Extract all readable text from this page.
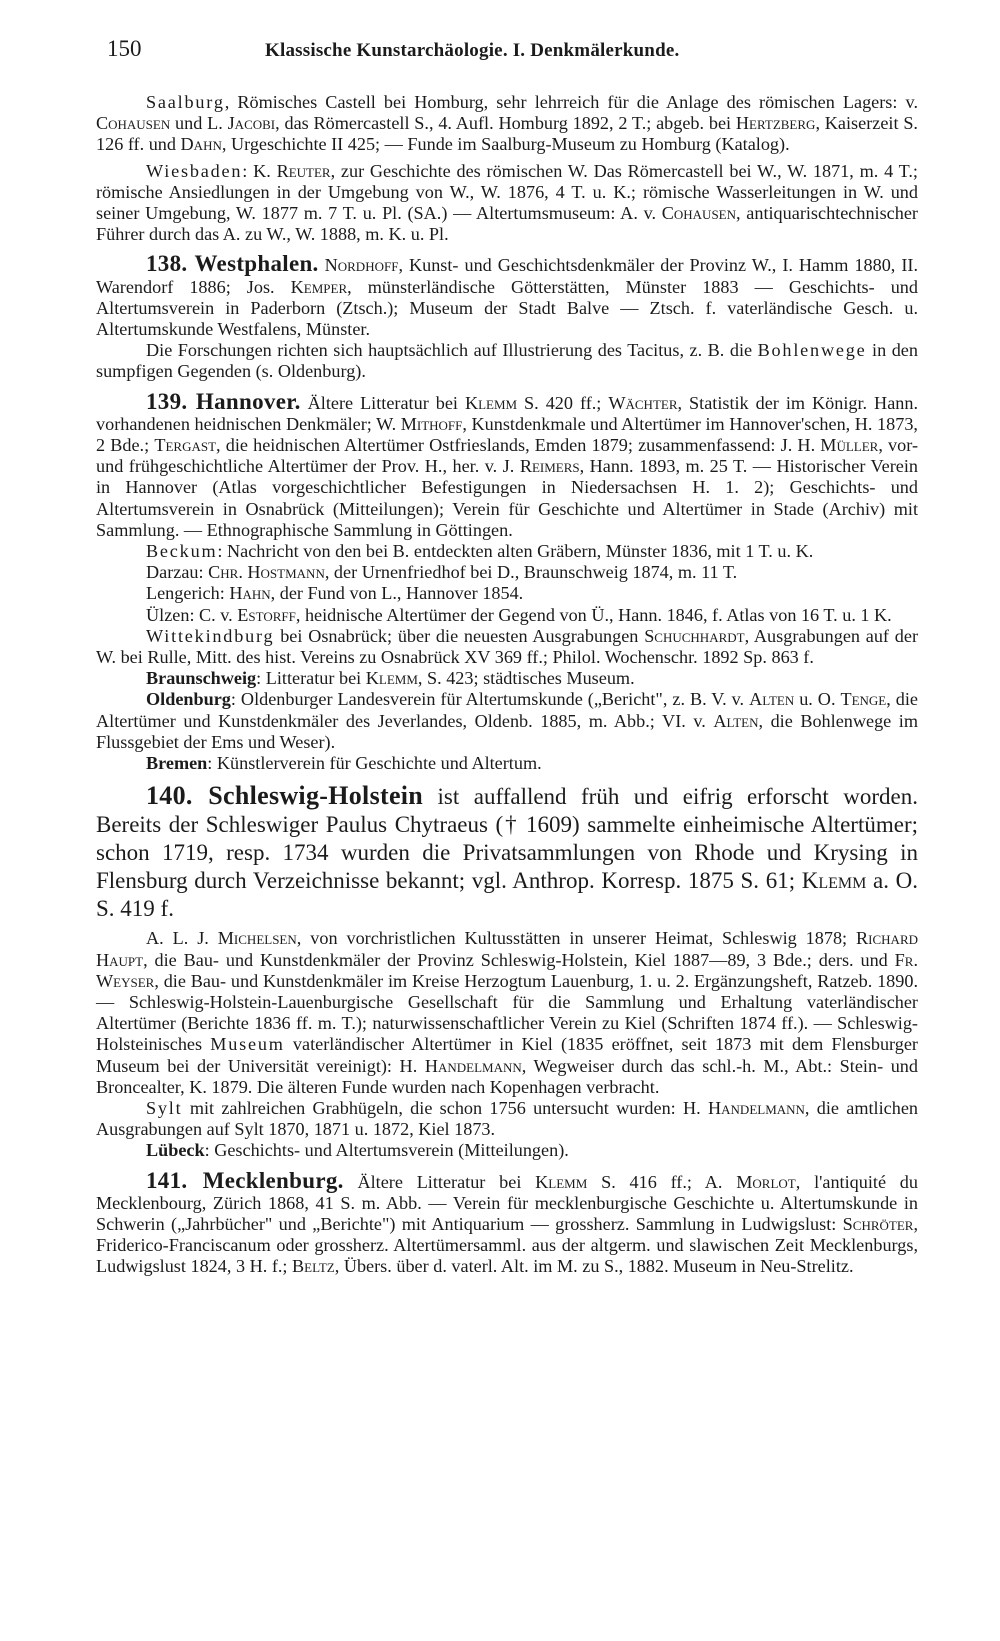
150	Klassische Kunstarchäologie. I. Denkmälerkunde.

Saalburg, Römisches Castell bei Homburg, sehr lehrreich für die Anlage des römischen Lagers: v. Cohausen und L. Jacobi, das Römercastell S., 4. Aufl. Homburg 1892, 2 T.; abgeb. bei Hertzberg, Kaiserzeit S. 126 ff. und Dahn, Urgeschichte II 425; — Funde im Saalburg-Museum zu Homburg (Katalog).

Wiesbaden: K. Reuter, zur Geschichte des römischen W. Das Römercastell bei W., W. 1871, m. 4 T.; römische Ansiedlungen in der Umgebung von W., W. 1876, 4 T. u. K.; römische Wasserleitungen in W. und seiner Umgebung, W. 1877 m. 7 T. u. Pl. (SA.) — Altertumsmuseum: A. v. Cohausen, antiquarischtechnischer Führer durch das A. zu W., W. 1888, m. K. u. Pl.

138. Westphalen. Nordhoff, Kunst- und Geschichtsdenkmäler der Provinz W., I. Hamm 1880, II. Warendorf 1886; Jos. Kemper, münsterländische Götterstätten, Münster 1883 — Geschichts- und Altertumsverein in Paderborn (Ztsch.); Museum der Stadt Balve — Ztsch. f. vaterländische Gesch. u. Altertumskunde Westfalens, Münster.

Die Forschungen richten sich hauptsächlich auf Illustrierung des Tacitus, z. B. die Bohlenwege in den sumpfigen Gegenden (s. Oldenburg).

139. Hannover. Ältere Litteratur bei Klemm S. 420 ff.; Wächter, Statistik der im Königr. Hann. vorhandenen heidnischen Denkmäler; W. Mithoff, Kunstdenkmale und Altertümer im Hannover'schen, H. 1873, 2 Bde.; Tergast, die heidnischen Altertümer Ostfrieslands, Emden 1879; zusammenfassend: J. H. Müller, vor- und frühgeschichtliche Altertümer der Prov. H., her. v. J. Reimers, Hann. 1893, m. 25 T. — Historischer Verein in Hannover (Atlas vorgeschichtlicher Befestigungen in Niedersachsen H. 1. 2); Geschichts- und Altertumsverein in Osnabrück (Mitteilungen); Verein für Geschichte und Altertümer in Stade (Archiv) mit Sammlung. — Ethnographische Sammlung in Göttingen.

Beckum: Nachricht von den bei B. entdeckten alten Gräbern, Münster 1836, mit 1 T. u. K.

Darzau: Chr. Hostmann, der Urnenfriedhof bei D., Braunschweig 1874, m. 11 T.

Lengerich: Hahn, der Fund von L., Hannover 1854.

Ülzen: C. v. Estorff, heidnische Altertümer der Gegend von Ü., Hann. 1846, f. Atlas von 16 T. u. 1 K.

Wittekindburg bei Osnabrück; über die neuesten Ausgrabungen Schuchhardt, Ausgrabungen auf der W. bei Rulle, Mitt. des hist. Vereins zu Osnabrück XV 369 ff.; Philol. Wochenschr. 1892 Sp. 863 f.

Braunschweig: Litteratur bei Klemm, S. 423; städtisches Museum.

Oldenburg: Oldenburger Landesverein für Altertumskunde („Bericht", z. B. V. v. Alten u. O. Tenge, die Altertümer und Kunstdenkmäler des Jeverlandes, Oldenb. 1885, m. Abb.; VI. v. Alten, die Bohlenwege im Flussgebiet der Ems und Weser).

Bremen: Künstlerverein für Geschichte und Altertum.

140. Schleswig-Holstein ist auffallend früh und eifrig erforscht worden. Bereits der Schleswiger Paulus Chytraeus († 1609) sammelte einheimische Altertümer; schon 1719, resp. 1734 wurden die Privatsammlungen von Rhode und Krysing in Flensburg durch Verzeichnisse bekannt; vgl. Anthrop. Korresp. 1875 S. 61; Klemm a. O. S. 419 f.

A. L. J. Michelsen, von vorchristlichen Kultusstätten in unserer Heimat, Schleswig 1878; Richard Haupt, die Bau- und Kunstdenkmäler der Provinz Schleswig-Holstein, Kiel 1887—89, 3 Bde.; ders. und Fr. Weyser, die Bau- und Kunstdenkmäler im Kreise Herzogtum Lauenburg, 1. u. 2. Ergänzungsheft, Ratzeb. 1890. — Schleswig-Holstein-Lauenburgische Gesellschaft für die Sammlung und Erhaltung vaterländischer Altertümer (Berichte 1836 ff. m. T.); naturwissenschaftlicher Verein zu Kiel (Schriften 1874 ff.). — Schleswig-Holsteinisches Museum vaterländischer Altertümer in Kiel (1835 eröffnet, seit 1873 mit dem Flensburger Museum bei der Universität vereinigt): H. Handelmann, Wegweiser durch das schl.-h. M., Abt.: Stein- und Broncealter, K. 1879. Die älteren Funde wurden nach Kopenhagen verbracht.

Sylt mit zahlreichen Grabhügeln, die schon 1756 untersucht wurden: H. Handelmann, die amtlichen Ausgrabungen auf Sylt 1870, 1871 u. 1872, Kiel 1873.

Lübeck: Geschichts- und Altertumsverein (Mitteilungen).

141. Mecklenburg. Ältere Litteratur bei Klemm S. 416 ff.; A. Morlot, l'antiquité du Mecklenbourg, Zürich 1868, 41 S. m. Abb. — Verein für mecklenburgische Geschichte u. Altertumskunde in Schwerin („Jahrbücher" und „Berichte") mit Antiquarium — grossherz. Sammlung in Ludwigslust: Schröter, Friderico-Franciscanum oder grossherz. Altertümersamml. aus der altgerm. und slawischen Zeit Mecklenburgs, Ludwigslust 1824, 3 H. f.; Beltz, Übers. über d. vaterl. Alt. im M. zu S., 1882. Museum in Neu-Strelitz.
